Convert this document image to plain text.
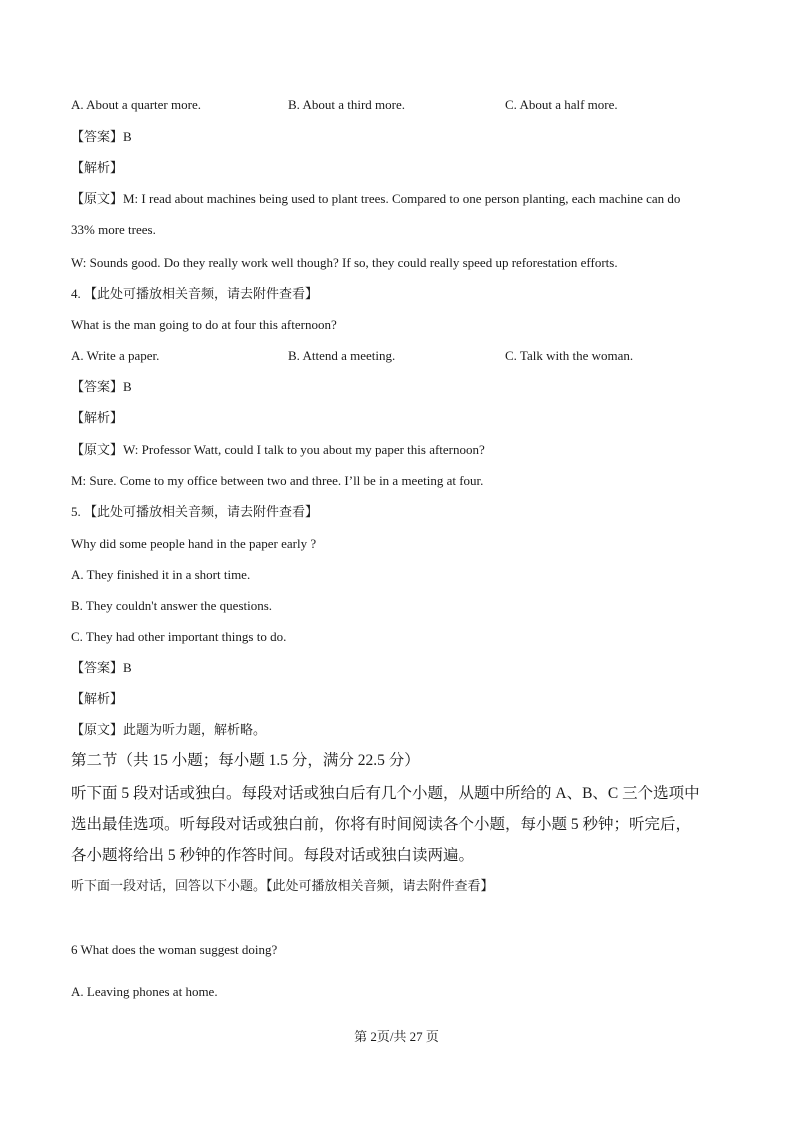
A. About a quarter more.	B. About a third more.	C. About a half more.
【答案】B
【解析】
【原文】M: I read about machines being used to plant trees. Compared to one person planting, each machine can do
33% more trees.
W: Sounds good. Do they really work well though? If so, they could really speed up reforestation efforts.
4. 【此处可播放相关音频，请去附件查看】
What is the man going to do at four this afternoon?
A. Write a paper.	B. Attend a meeting.	C. Talk with the woman.
【答案】B
【解析】
【原文】W: Professor Watt, could I talk to you about my paper this afternoon?
M: Sure. Come to my office between two and three. I’ll be in a meeting at four.
5. 【此处可播放相关音频，请去附件查看】
Why did some people hand in the paper early ?
A. They finished it in a short time.
B. They couldn't answer the questions.
C. They had other important things to do.
【答案】B
【解析】
【原文】此题为听力题，解析略。
第二节（共 15 小题；每小题 1.5 分，满分 22.5 分）
听下面 5 段对话或独白。每段对话或独白后有几个小题，从题中所给的 A、B、C 三个选项中
选出最佳选项。听每段对话或独白前，你将有时间阅读各个小题，每小题 5 秒钟；听完后，
各小题将给出 5 秒钟的作答时间。每段对话或独白读两遍。
听下面一段对话，回答以下小题。【此处可播放相关音频，请去附件查看】
6 What does the woman suggest doing?
A. Leaving phones at home.
第 2页/共 27 页
